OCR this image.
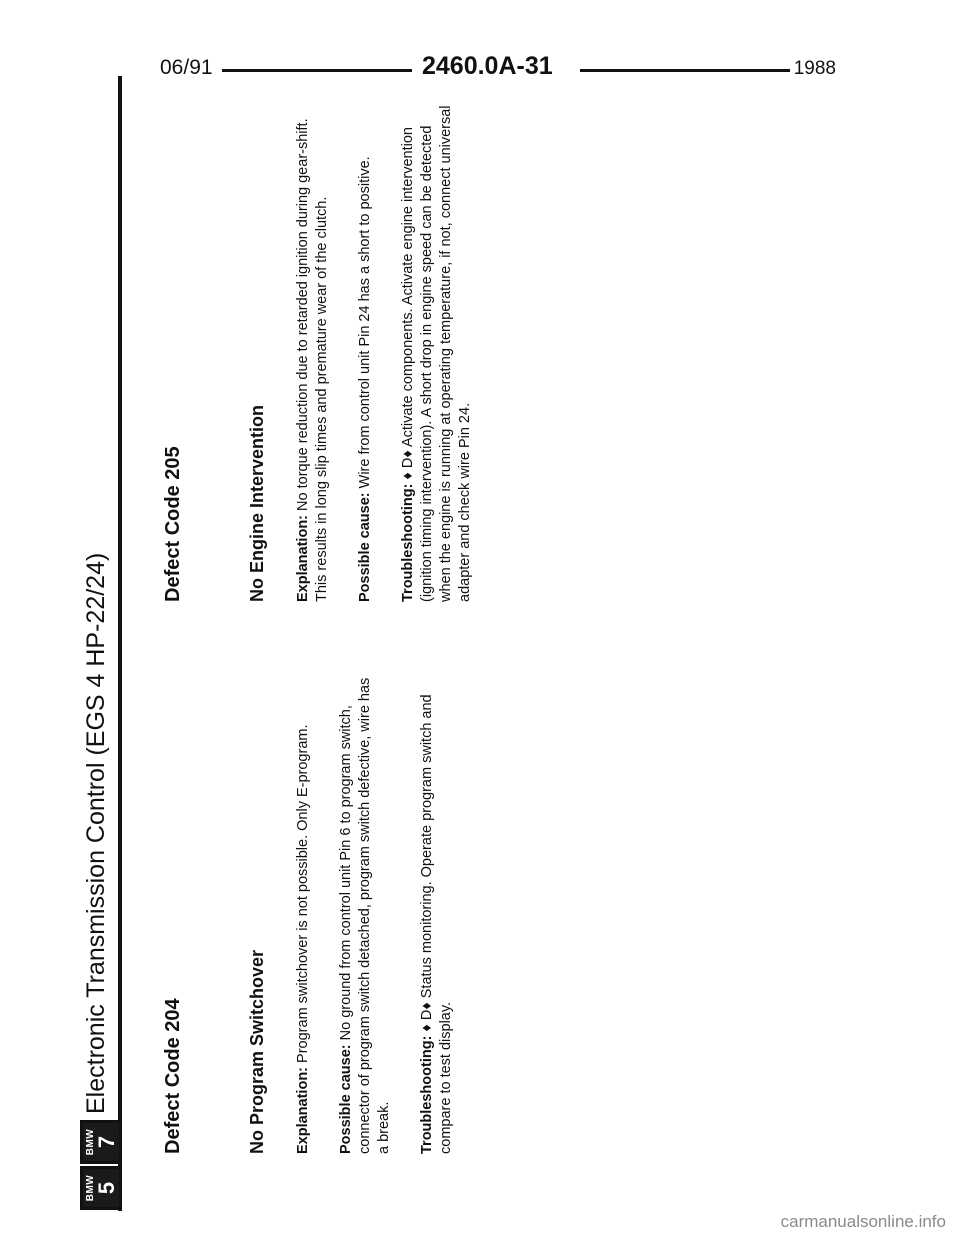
06/91	2460.0A-31	1988
BMW
5
BMW
7
Electronic Transmission Control (EGS 4 HP-22/24)	Defect Code 204	No Program Switchover Explanation: Program switchover is not possible. Only E-program.

Possible cause: No ground from control unit Pin 6 to program switch, connector of program switch detached, program switch defective, wire has a break. Troubleshooting: ♦ D♦ Status monitoring. Operate program switch and compare to test display.

Defect Code 205	No Engine Intervention Explanation: No torque reduction due to retarded ignition during gear-shift. This results in long slip times and premature wear of the clutch. Possible cause: Wire from control unit Pin 24 has a short to positive.

Troubleshooting: ♦ D♦ Activate components. Activate engine intervention (ignition timing intervention). A short drop in engine speed can be detected when the engine is running at operating temperature, if not, connect universal adapter and check wire Pin 24.

carmanualsonline.info
